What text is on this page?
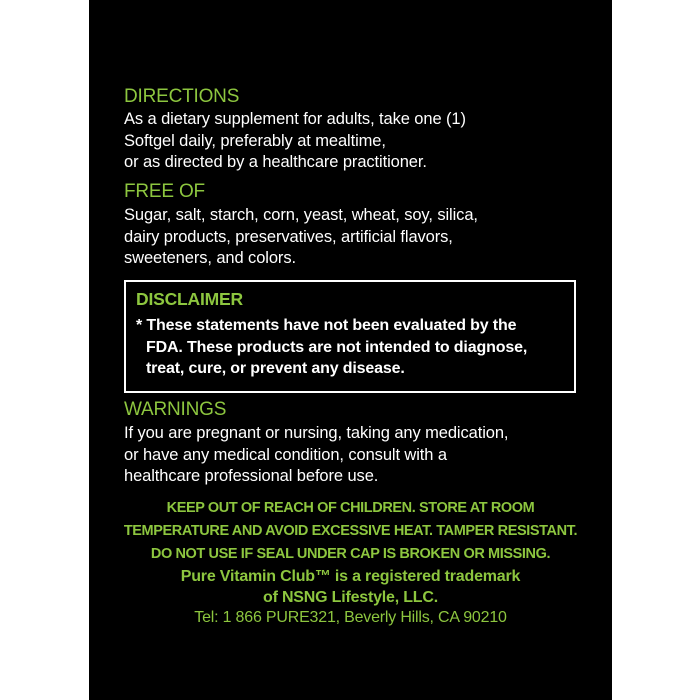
DIRECTIONS
As a dietary supplement for adults, take one (1)
Softgel daily, preferably at mealtime,
or as directed by a healthcare practitioner.
FREE OF
Sugar, salt, starch, corn, yeast, wheat, soy, silica,
dairy products, preservatives, artificial flavors,
sweeteners, and colors.
DISCLAIMER
* These statements have not been evaluated by the
FDA. These products are not intended to diagnose,
treat, cure, or prevent any disease.
WARNINGS
If you are pregnant or nursing, taking any medication,
or have any medical condition, consult with a
healthcare professional before use.
KEEP OUT OF REACH OF CHILDREN. STORE AT ROOM
TEMPERATURE AND AVOID EXCESSIVE HEAT. TAMPER RESISTANT.
DO NOT USE IF SEAL UNDER CAP IS BROKEN OR MISSING.
Pure Vitamin Club™ is a registered trademark
of NSNG Lifestyle, LLC.
Tel: 1 866 PURE321, Beverly Hills, CA 90210
